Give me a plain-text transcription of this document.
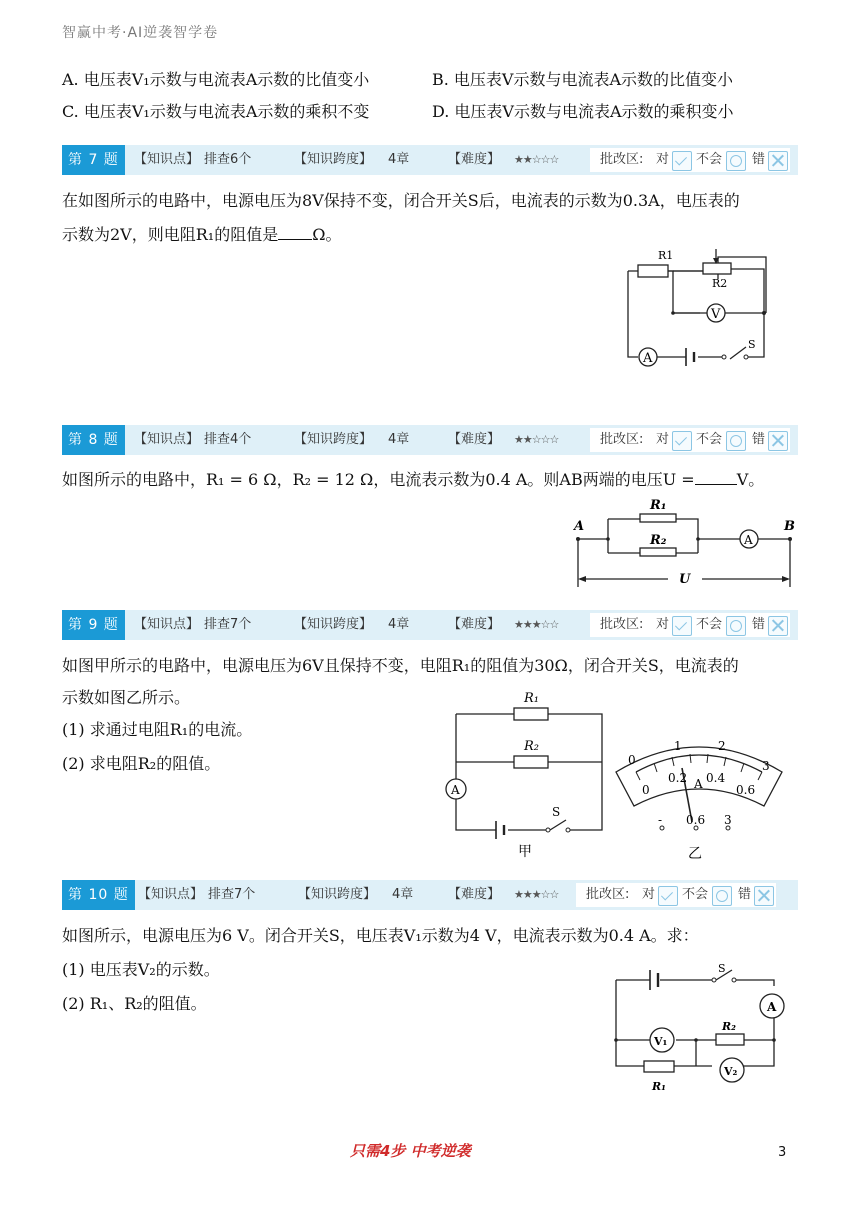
智赢中考·AI逆袭智学卷
A. 电压表V₁示数与电流表A示数的比值变小	B. 电压表V示数与电流表A示数的比值变小
C. 电压表V₁示数与电流表A示数的乘积不变	D. 电压表V示数与电流表A示数的乘积变小
第 7 题	【知识点】 排查6个	【知识跨度】 4章	【难度】 ★★☆☆☆	批改区: 对 不会 错
在如图所示的电路中，电源电压为8V保持不变，闭合开关S后，电流表的示数为0.3A，电压表的
示数为2V，则电阻R₁的阻值是 Ω。
R1
R2
V
A
S
第 8 题	【知识点】 排查4个	【知识跨度】 4章	【难度】 ★★☆☆☆	批改区: 对 不会 错
如图所示的电路中，R₁ = 6 Ω，R₂ = 12 Ω，电流表示数为0.4 A。则AB两端的电压U =	V。
A	B
R₁
R₂	A
U
第 9 题	【知识点】 排查7个	【知识跨度】 4章	【难度】 ★★★☆☆	批改区: 对 不会 错
如图甲所示的电路中，电源电压为6V且保持不变，电阻R₁的阻值为30Ω，闭合开关S，电流表的
示数如图乙所示。
(1) 求通过电阻R₁的电流。
(2) 求电阻R₂的阻值。
R₁
R₂
A
S
甲
0
1	2
3
0
0.2 0.4
0.6
A
- 0.6 3
乙
第 10 题 【知识点】 排查7个	【知识跨度】 4章	【难度】 ★★★☆☆ 批改区: 对 不会 错
如图所示，电源电压为6 V。闭合开关S，电压表V₁示数为4 V，电流表示数为0.4 A。求：
(1) 电压表V₂的示数。
(2) R₁、R₂的阻值。
S
A
V₁
V₂
R₂
R₁
只需4步 中考逆袭	3
